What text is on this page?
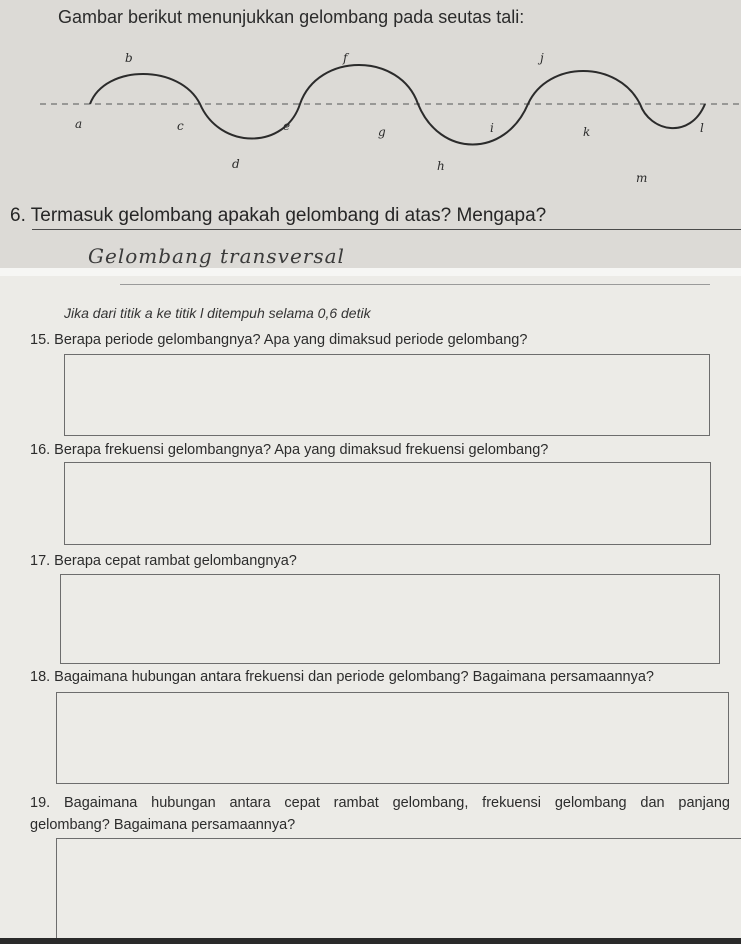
Gambar berikut menunjukkan gelombang pada seutas tali:
a
b
c
d
e
f
g
h
i
j
k	l
m
6. Termasuk gelombang apakah gelombang di atas? Mengapa?
Gelombang transversal
Jika dari titik a ke titik l ditempuh selama 0,6 detik
15. Berapa periode gelombangnya? Apa yang dimaksud periode gelombang?
16. Berapa frekuensi gelombangnya? Apa yang dimaksud frekuensi gelombang?
17. Berapa cepat rambat gelombangnya?
18. Bagaimana hubungan antara frekuensi dan periode gelombang? Bagaimana persamaannya?
19. Bagaimana hubungan antara cepat rambat gelombang, frekuensi gelombang dan panjang
gelombang? Bagaimana persamaannya?
